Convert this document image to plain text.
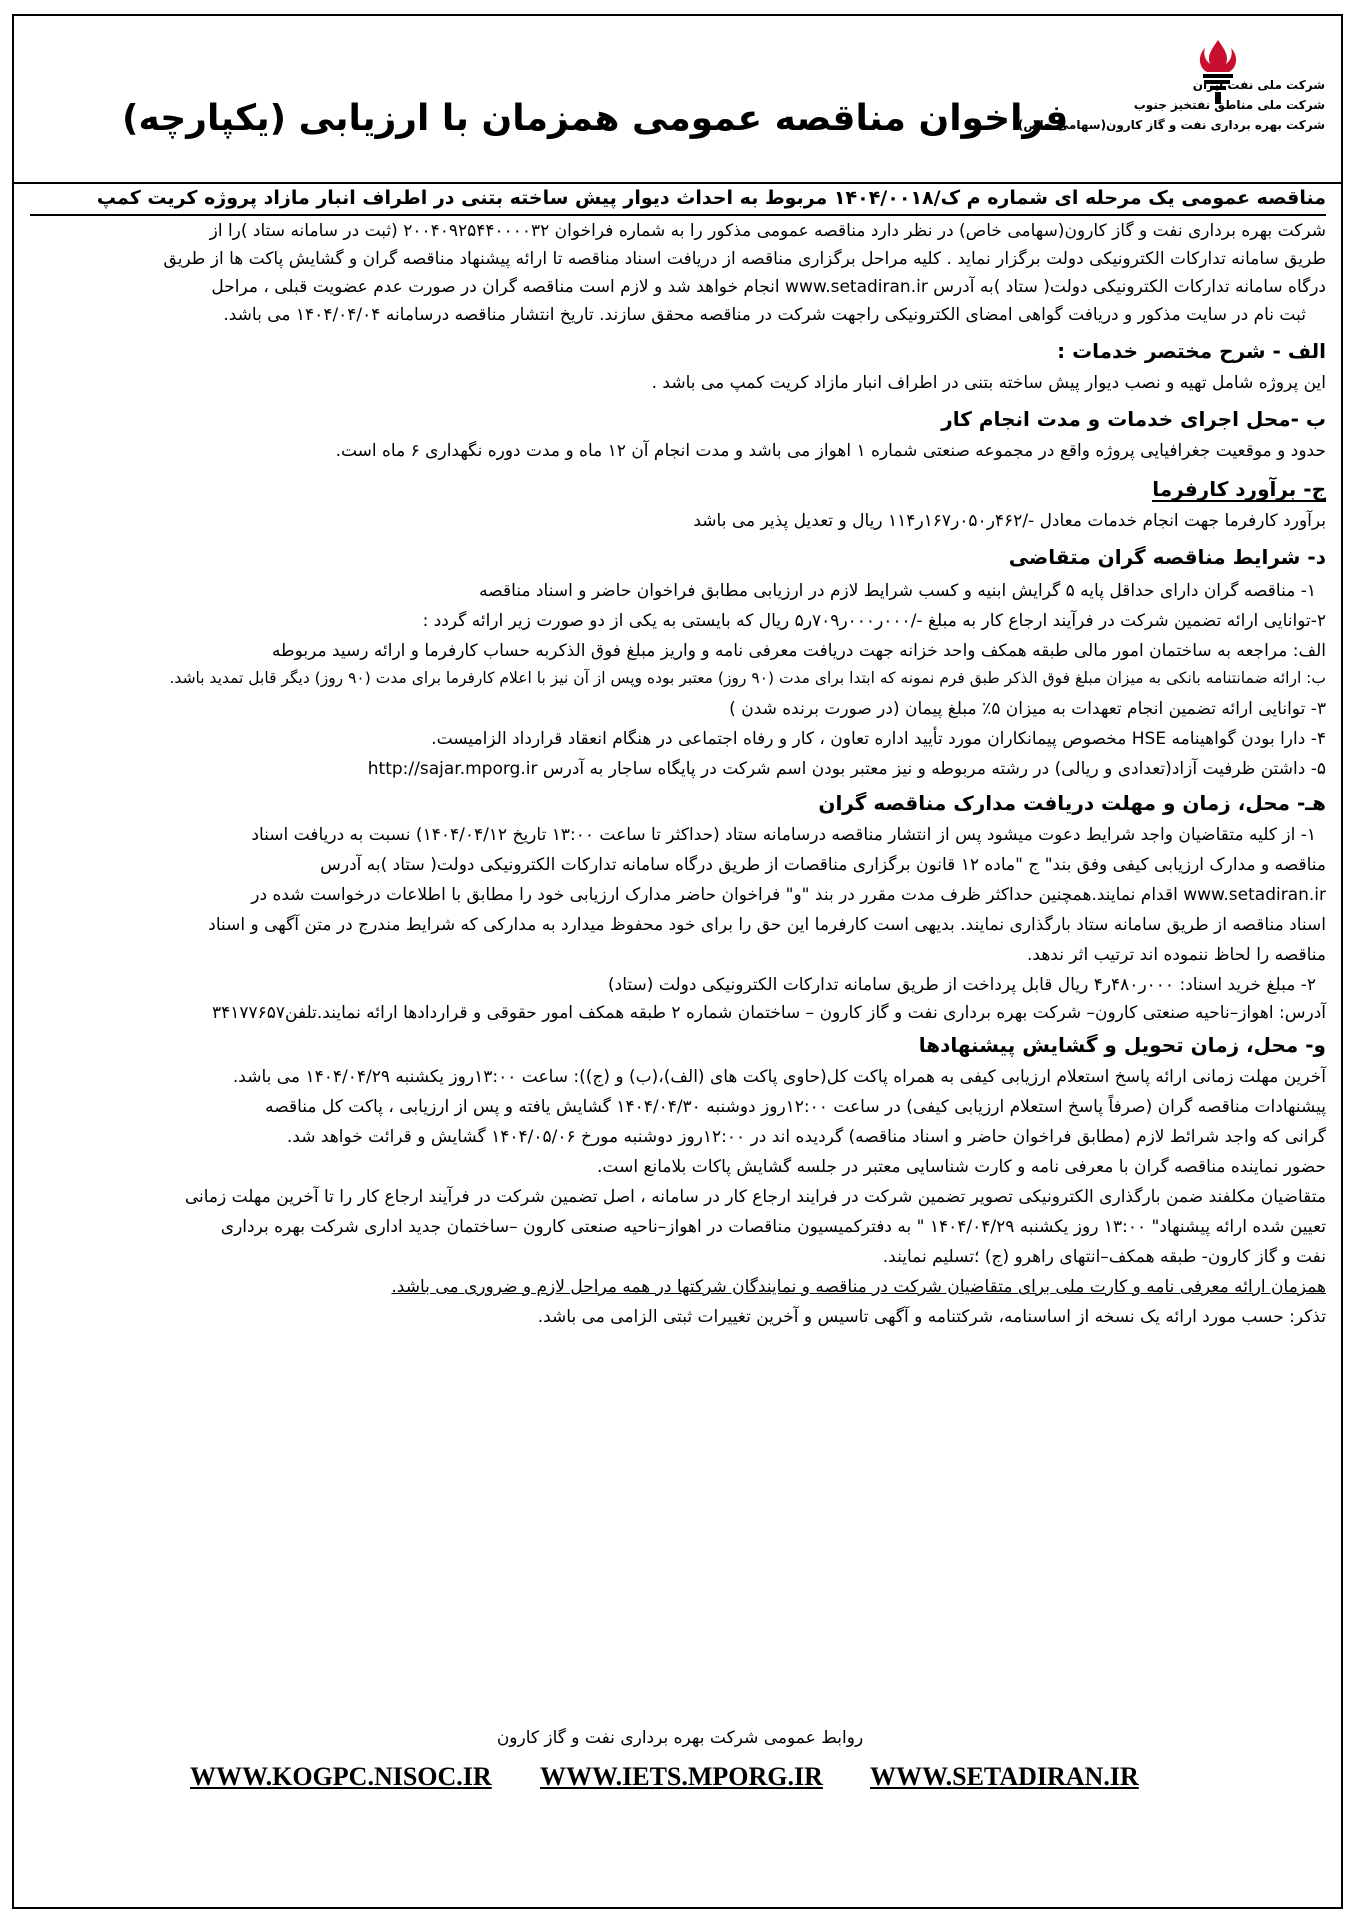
شرکت ملی نفت ایران
شرکت ملی مناطق نفتخیز جنوب
شرکت بهره برداری نفت و گاز کارون(سهامی خاص)
فراخوان مناقصه عمومی همزمان با ارزیابی (یکپارچه)
مناقصه عمومی یک مرحله ای شماره م ک/۱۴۰۴/۰۰۱۸ مربوط به احداث دیوار پیش ساخته بتنی در اطراف انبار مازاد پروژه کریت کمپ
شرکت بهره برداری نفت و گاز کارون(سهامی خاص) در نظر دارد مناقصه عمومی مذکور را به شماره فراخوان ۲۰۰۴۰۹۲۵۴۴۰۰۰۰۳۲ (ثبت در سامانه ستاد )را از
طریق سامانه تدارکات الکترونیکی دولت برگزار نماید . کلیه مراحل برگزاری مناقصه از دریافت اسناد مناقصه تا ارائه پیشنهاد مناقصه گران و گشایش پاکت ها از طریق
درگاه سامانه تدارکات الکترونیکی دولت( ستاد )به آدرس www.setadiran.ir انجام خواهد شد و لازم است مناقصه گران در صورت عدم عضویت قبلی ، مراحل
ثبت نام در سایت مذکور و دریافت گواهی امضای الکترونیکی راجهت شرکت در مناقصه محقق سازند. تاریخ انتشار مناقصه درسامانه ۱۴۰۴/۰۴/۰۴ می باشد.
الف - شرح مختصر خدمات :
این پروژه شامل تهیه و نصب دیوار پیش ساخته بتنی در اطراف انبار مازاد کریت کمپ می باشد .
ب -محل اجرای خدمات و مدت انجام کار
حدود و موقعیت جغرافیایی پروژه واقع در مجموعه صنعتی شماره ۱ اهواز می باشد و مدت انجام آن ۱۲ ماه و مدت دوره نگهداری ۶ ماه است.
ج- برآورد کارفرما
برآورد کارفرما جهت انجام خدمات معادل -/۴۶۲ر۰۵۰ر۱۶۷ر۱۱۴ ریال و تعدیل پذیر می باشد
د- شرایط مناقصه گران متقاضی
۱- مناقصه گران دارای حداقل پایه ۵ گرایش ابنیه و کسب شرایط لازم در ارزیابی مطابق فراخوان حاضر و اسناد مناقصه
۲-توانایی ارائه تضمین شرکت در فرآیند ارجاع کار به مبلغ -/۰۰۰ر۰۰۰ر۷۰۹ر۵ ریال که بایستی به یکی از دو صورت زیر ارائه گردد :
الف: مراجعه به ساختمان امور مالی طبقه همکف واحد خزانه جهت دریافت معرفی نامه و واریز مبلغ فوق الذکربه حساب کارفرما و ارائه رسید مربوطه
ب: ارائه ضمانتنامه بانکی به میزان مبلغ فوق الذکر طبق فرم نمونه که ابتدا برای مدت (۹۰ روز) معتبر بوده وپس از آن نیز با اعلام کارفرما برای مدت (۹۰ روز) دیگر قابل تمدید باشد.
۳- توانایی ارائه تضمین انجام تعهدات به میزان ۵٪ مبلغ پیمان (در صورت برنده شدن )
۴- دارا بودن گواهینامه HSE مخصوص پیمانکاران مورد تأیید اداره تعاون ، کار و رفاه اجتماعی در هنگام انعقاد قرارداد الزامیست.
۵- داشتن ظرفیت آزاد(تعدادی و ریالی) در رشته مربوطه و نیز معتبر بودن اسم شرکت در پایگاه ساجار به آدرس http://sajar.mporg.ir
هـ- محل، زمان و مهلت دریافت مدارک مناقصه گران
۱- از کلیه متقاضیان واجد شرایط دعوت میشود پس از انتشار مناقصه درسامانه ستاد (حداکثر تا ساعت ۱۳:۰۰ تاریخ ۱۴۰۴/۰۴/۱۲) نسبت به دریافت اسناد
مناقصه و مدارک ارزیابی کیفی وفق بند" ج "ماده ۱۲ قانون برگزاری مناقصات از طریق درگاه سامانه تدارکات الکترونیکی دولت( ستاد )به آدرس
www.setadiran.ir اقدام نمایند.همچنین حداکثر ظرف مدت مقرر در بند "و" فراخوان حاضر مدارک ارزیابی خود را مطابق با اطلاعات درخواست شده در
اسناد مناقصه از طریق سامانه ستاد بارگذاری نمایند. بدیهی است کارفرما این حق را برای خود محفوظ میدارد به مدارکی که شرایط مندرج در متن آگهی و اسناد
مناقصه را لحاظ ننموده اند ترتیب اثر ندهد.
۲- مبلغ خرید اسناد: ۰۰۰ر۴۸۰ر۴ ریال قابل پرداخت از طریق سامانه تدارکات الکترونیکی دولت (ستاد)
آدرس: اهواز–ناحیه صنعتی کارون– شرکت بهره برداری نفت و گاز کارون – ساختمان شماره ۲ طبقه همکف امور حقوقی و قراردادها ارائه نمایند.تلفن۳۴۱۷۷۶۵۷
و- محل، زمان تحویل و گشایش پیشنهادها
آخرین مهلت زمانی ارائه پاسخ استعلام ارزیابی کیفی به همراه پاکت کل(حاوی پاکت های (الف)،(ب) و (ج)): ساعت ۱۳:۰۰روز یکشنبه ۱۴۰۴/۰۴/۲۹ می باشد.
پیشنهادات مناقصه گران (صرفاً پاسخ استعلام ارزیابی کیفی) در ساعت ۱۲:۰۰روز دوشنبه ۱۴۰۴/۰۴/۳۰ گشایش یافته و پس از ارزیابی ، پاکت کل مناقصه
گرانی که واجد شرائط لازم (مطابق فراخوان حاضر و اسناد مناقصه) گردیده اند در ۱۲:۰۰روز دوشنبه مورخ ۱۴۰۴/۰۵/۰۶ گشایش و قرائت خواهد شد.
حضور نماینده مناقصه گران با معرفی نامه و کارت شناسایی معتبر در جلسه گشایش پاکات بلامانع است.
متقاضیان مکلفند ضمن بارگذاری الکترونیکی تصویر تضمین شرکت در فرایند ارجاع کار در سامانه ، اصل تضمین شرکت در فرآیند ارجاع کار را تا آخرین مهلت زمانی
تعیین شده ارائه پیشنهاد" ۱۳:۰۰ روز یکشنبه ۱۴۰۴/۰۴/۲۹ " به دفترکمیسیون مناقصات در اهواز–ناحیه صنعتی کارون –ساختمان جدید اداری شرکت بهره برداری
نفت و گاز کارون- طبقه همکف–انتهای راهرو (ج) ؛تسلیم نمایند.
همزمان ارائه معرفی نامه و کارت ملی برای متقاضیان شرکت در مناقصه و نمایندگان شرکتها در همه مراحل لازم و ضروری می باشد.
تذکر: حسب مورد ارائه یک نسخه از اساسنامه، شرکتنامه و آگهی تاسیس و آخرین تغییرات ثبتی الزامی می باشد.
روابط عمومی شرکت بهره برداری نفت و گاز کارون
WWW.KOGPC.NISOC.IR WWW.IETS.MPORG.IR WWW.SETADIRAN.IR
